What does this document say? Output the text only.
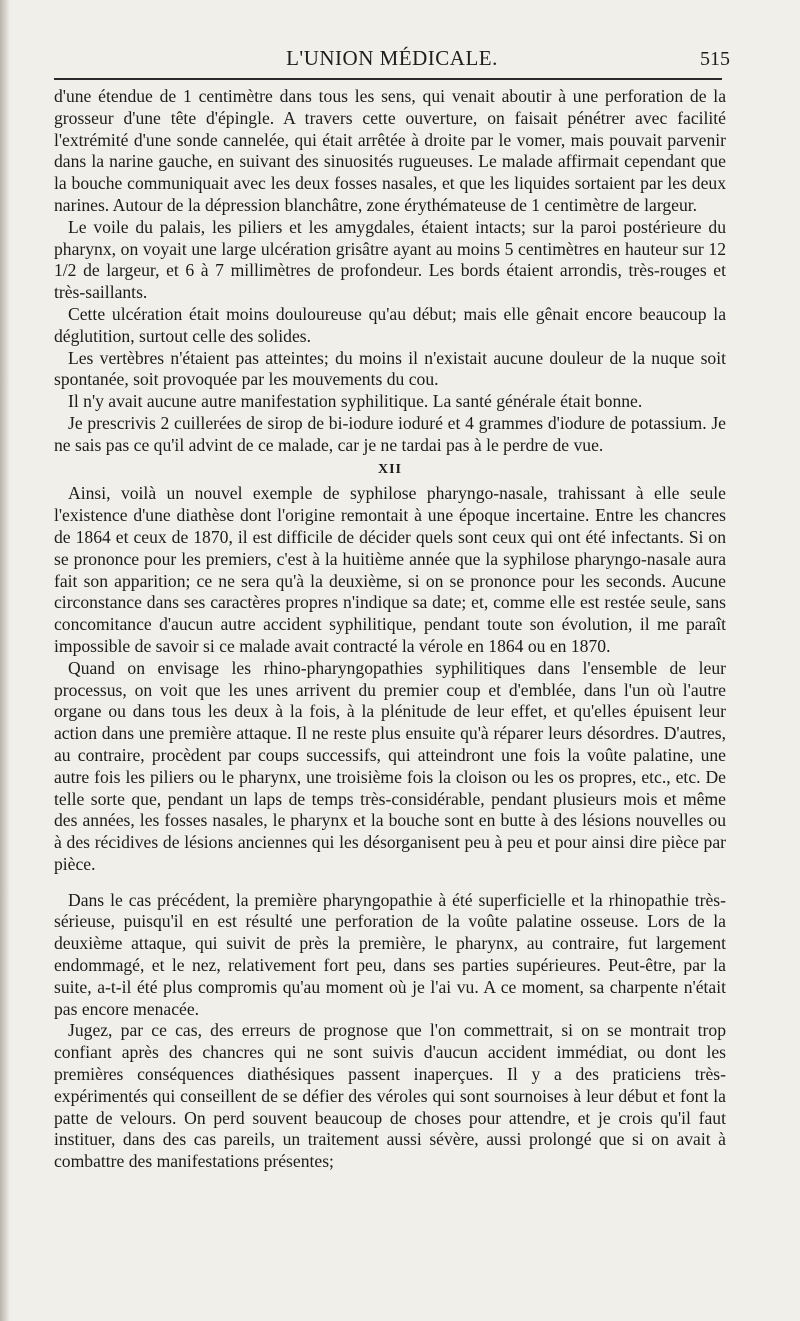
L'UNION MÉDICALE.	515

d'une étendue de 1 centimètre dans tous les sens, qui venait aboutir à une perforation de la grosseur d'une tête d'épingle. A travers cette ouverture, on faisait pénétrer avec facilité l'extrémité d'une sonde cannelée, qui était arrêtée à droite par le vomer, mais pouvait parvenir dans la narine gauche, en suivant des sinuosités rugueuses. Le malade affirmait cependant que la bouche communiquait avec les deux fosses nasales, et que les liquides sortaient par les deux narines. Autour de la dépression blanchâtre, zone érythémateuse de 1 centimètre de largeur.

Le voile du palais, les piliers et les amygdales, étaient intacts; sur la paroi postérieure du pharynx, on voyait une large ulcération grisâtre ayant au moins 5 centimètres en hauteur sur 12 1/2 de largeur, et 6 à 7 millimètres de profondeur. Les bords étaient arrondis, très-rouges et très-saillants.

Cette ulcération était moins douloureuse qu'au début; mais elle gênait encore beaucoup la déglutition, surtout celle des solides.

Les vertèbres n'étaient pas atteintes; du moins il n'existait aucune douleur de la nuque soit spontanée, soit provoquée par les mouvements du cou.

Il n'y avait aucune autre manifestation syphilitique. La santé générale était bonne.

Je prescrivis 2 cuillerées de sirop de bi-iodure ioduré et 4 grammes d'iodure de potassium. Je ne sais pas ce qu'il advint de ce malade, car je ne tardai pas à le perdre de vue.

XII

Ainsi, voilà un nouvel exemple de syphilose pharyngo-nasale, trahissant à elle seule l'existence d'une diathèse dont l'origine remontait à une époque incertaine. Entre les chancres de 1864 et ceux de 1870, il est difficile de décider quels sont ceux qui ont été infectants. Si on se prononce pour les premiers, c'est à la huitième année que la syphilose pharyngo-nasale aura fait son apparition; ce ne sera qu'à la deuxième, si on se prononce pour les seconds. Aucune circonstance dans ses caractères propres n'indique sa date; et, comme elle est restée seule, sans concomitance d'aucun autre accident syphilitique, pendant toute son évolution, il me paraît impossible de savoir si ce malade avait contracté la vérole en 1864 ou en 1870.

Quand on envisage les rhino-pharyngopathies syphilitiques dans l'ensemble de leur processus, on voit que les unes arrivent du premier coup et d'emblée, dans l'un où l'autre organe ou dans tous les deux à la fois, à la plénitude de leur effet, et qu'elles épuisent leur action dans une première attaque. Il ne reste plus ensuite qu'à réparer leurs désordres. D'autres, au contraire, procèdent par coups successifs, qui atteindront une fois la voûte palatine, une autre fois les piliers ou le pharynx, une troisième fois la cloison ou les os propres, etc., etc. De telle sorte que, pendant un laps de temps très-considérable, pendant plusieurs mois et même des années, les fosses nasales, le pharynx et la bouche sont en butte à des lésions nouvelles ou à des récidives de lésions anciennes qui les désorganisent peu à peu et pour ainsi dire pièce par pièce.

Dans le cas précédent, la première pharyngopathie à été superficielle et la rhinopathie très-sérieuse, puisqu'il en est résulté une perforation de la voûte palatine osseuse. Lors de la deuxième attaque, qui suivit de près la première, le pharynx, au contraire, fut largement endommagé, et le nez, relativement fort peu, dans ses parties supérieures. Peut-être, par la suite, a-t-il été plus compromis qu'au moment où je l'ai vu. A ce moment, sa charpente n'était pas encore menacée.

Jugez, par ce cas, des erreurs de prognose que l'on commettrait, si on se montrait trop confiant après des chancres qui ne sont suivis d'aucun accident immédiat, ou dont les premières conséquences diathésiques passent inaperçues. Il y a des praticiens très-expérimentés qui conseillent de se défier des véroles qui sont sournoises à leur début et font la patte de velours. On perd souvent beaucoup de choses pour attendre, et je crois qu'il faut instituer, dans des cas pareils, un traitement aussi sévère, aussi prolongé que si on avait à combattre des manifestations présentes;
